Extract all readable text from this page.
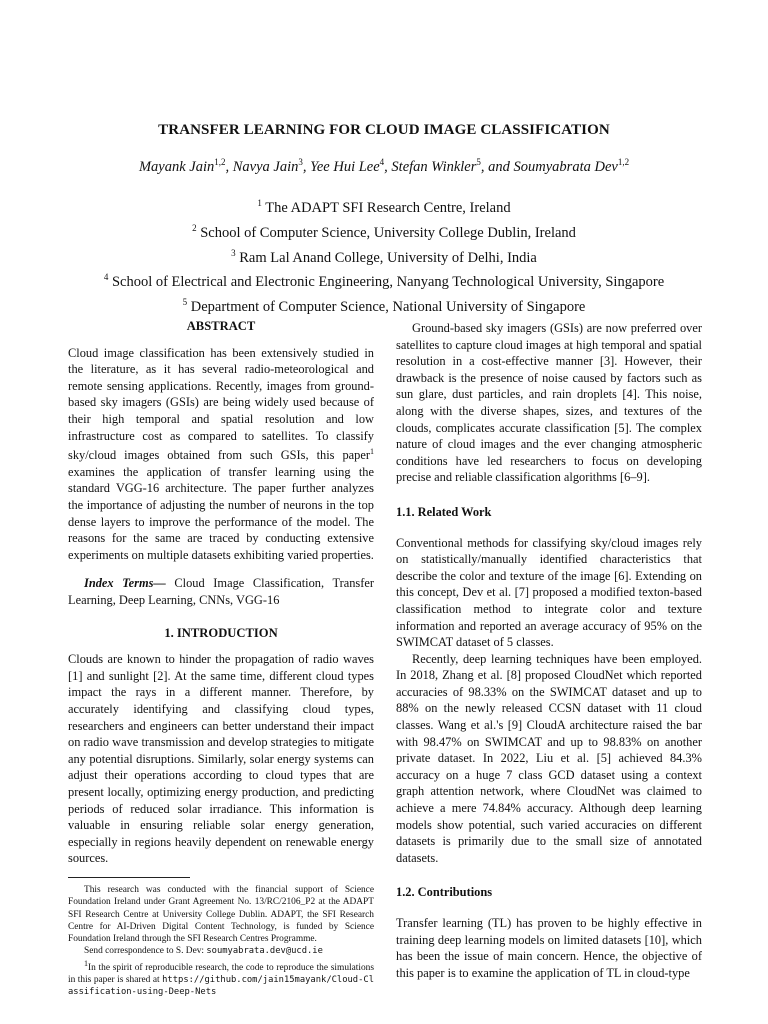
TRANSFER LEARNING FOR CLOUD IMAGE CLASSIFICATION
Mayank Jain$^{1,2}$, Navya Jain$^3$, Yee Hui Lee$^4$, Stefan Winkler$^5$, and Soumyabrata Dev$^{1,2}$
$^1$ The ADAPT SFI Research Centre, Ireland
$^2$ School of Computer Science, University College Dublin, Ireland
$^3$ Ram Lal Anand College, University of Delhi, India
$^4$ School of Electrical and Electronic Engineering, Nanyang Technological University, Singapore
$^5$ Department of Computer Science, National University of Singapore
ABSTRACT

Cloud image classification has been extensively studied in the literature, as it has several radio-meteorological and remote sensing applications. Recently, images from ground-based sky imagers (GSIs) are being widely used because of their high temporal and spatial resolution and low infrastructure cost as compared to satellites. To classify sky/cloud images obtained from such GSIs, this paper$^1$ examines the application of transfer learning using the standard VGG-16 architecture. The paper further analyzes the importance of adjusting the number of neurons in the top dense layers to improve the performance of the model. The reasons for the same are traced by conducting extensive experiments on multiple datasets exhibiting varied properties.

Index Terms— Cloud Image Classification, Transfer Learning, Deep Learning, CNNs, VGG-16

1. INTRODUCTION

Clouds are known to hinder the propagation of radio waves [1] and sunlight [2]. At the same time, different cloud types impact the rays in a different manner. Therefore, by accurately identifying and classifying cloud types, researchers and engineers can better understand their impact on radio wave transmission and develop strategies to mitigate any potential disruptions. Similarly, solar energy systems can adjust their operations according to cloud types that are present locally, optimizing energy production, and predicting periods of reduced solar irradiance. This information is valuable in ensuring reliable solar energy generation, especially in regions heavily dependent on renewable energy sources.

This research was conducted with the financial support of Science Foundation Ireland under Grant Agreement No. 13/RC/2106_P2 at the ADAPT SFI Research Centre at University College Dublin. ADAPT, the SFI Research Centre for AI-Driven Digital Content Technology, is funded by Science Foundation Ireland through the SFI Research Centres Programme.

Send correspondence to S. Dev: soumyabrata.dev@ucd.ie

$^1$In the spirit of reproducible research, the code to reproduce the simulations in this paper is shared at https://github.com/jain15mayank/Cloud-Classification-using-Deep-Nets

Ground-based sky imagers (GSIs) are now preferred over satellites to capture cloud images at high temporal and spatial resolution in a cost-effective manner [3]. However, their drawback is the presence of noise caused by factors such as sun glare, dust particles, and rain droplets [4]. This noise, along with the diverse shapes, sizes, and textures of the clouds, complicates accurate classification [5]. The complex nature of cloud images and the ever changing atmospheric conditions have led researchers to focus on developing precise and reliable classification algorithms [6–9].

1.1. Related Work

Conventional methods for classifying sky/cloud images rely on statistically/manually identified characteristics that describe the color and texture of the image [6]. Extending on this concept, Dev et al. [7] proposed a modified texton-based classification method to integrate color and texture information and reported an average accuracy of 95% on the SWIMCAT dataset of 5 classes.

Recently, deep learning techniques have been employed. In 2018, Zhang et al. [8] proposed CloudNet which reported accuracies of 98.33% on the SWIMCAT dataset and up to 88% on the newly released CCSN dataset with 11 cloud classes. Wang et al.'s [9] CloudA architecture raised the bar with 98.47% on SWIMCAT and up to 98.83% on another private dataset. In 2022, Liu et al. [5] achieved 84.3% accuracy on a huge 7 class GCD dataset using a context graph attention network, where CloudNet was claimed to achieve a mere 74.84% accuracy. Although deep learning models show potential, such varied accuracies on different datasets is primarily due to the small size of annotated datasets.

1.2. Contributions

Transfer learning (TL) has proven to be highly effective in training deep learning models on limited datasets [10], which has been the issue of main concern. Hence, the objective of this paper is to examine the application of TL in cloud-type
